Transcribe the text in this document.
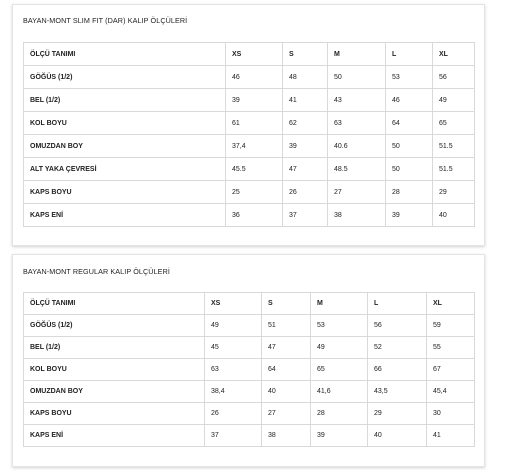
BAYAN-MONT SLIM FIT (DAR) KALIP ÖLÇÜLERİ
ÖLÇÜ TANIMI	XS	S	M	L	XL
GÖĞÜS (1/2)	46	48	50	53	56
BEL (1/2)	39	41	43	46	49
KOL BOYU	61	62	63	64	65
OMUZDAN BOY	37,4	39	40.6	50	51.5
ALT YAKA ÇEVRESİ	45.5	47	48.5	50	51.5
KAPS BOYU	25	26	27	28	29
KAPS ENİ	36	37	38	39	40
BAYAN-MONT REGULAR KALIP ÖLÇÜLERİ
ÖLÇÜ TANIMI	XS	S	M	L	XL
GÖĞÜS (1/2)	49	51	53	56	59
BEL (1/2)	45	47	49	52	55
KOL BOYU	63	64	65	66	67
OMUZDAN BOY	38,4	40	41,6	43,5	45,4
KAPS BOYU	26	27	28	29	30
KAPS ENİ	37	38	39	40	41
